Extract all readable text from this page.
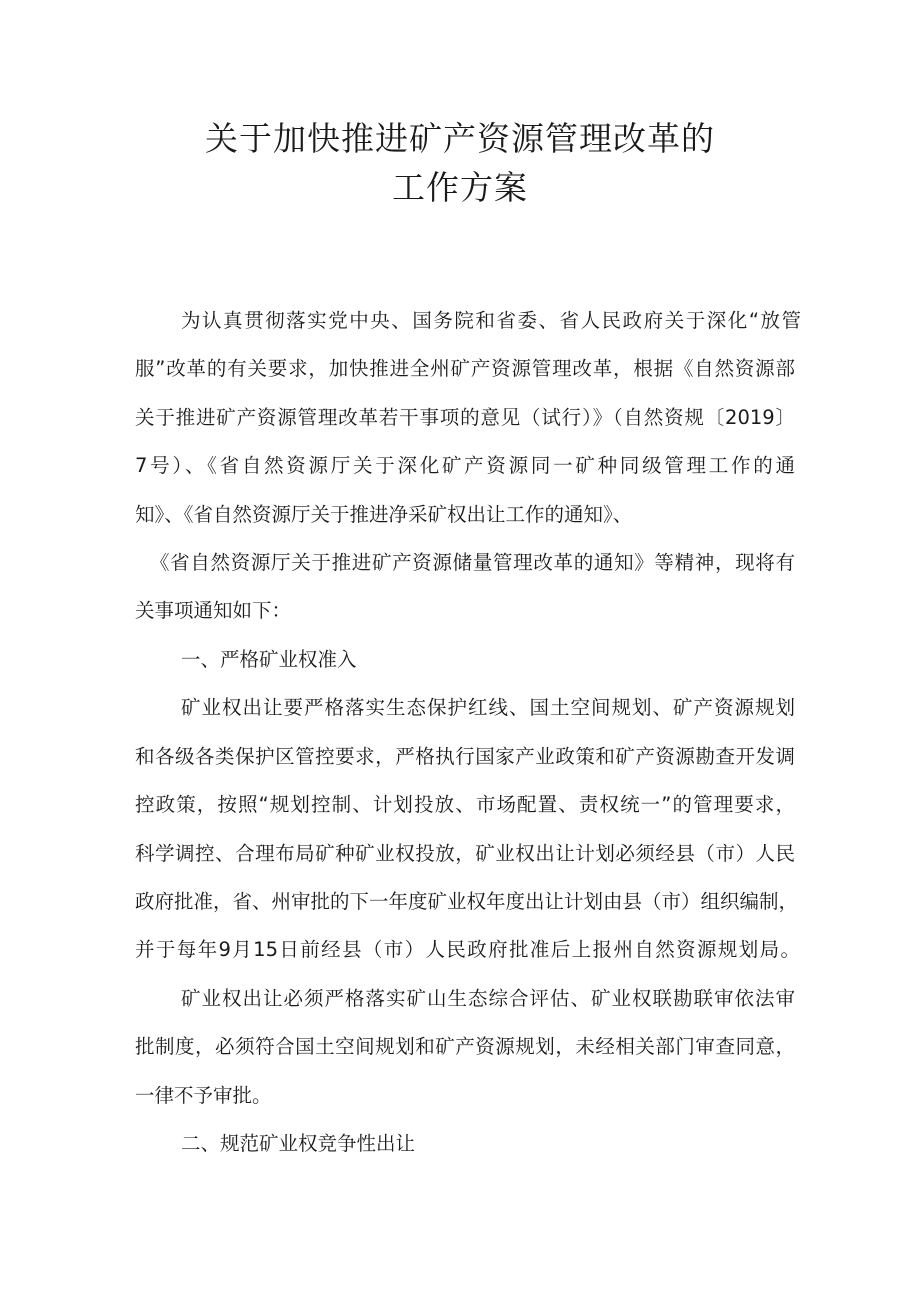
关于加快推进矿产资源管理改革的
工作方案
为认真贯彻落实党中央、国务院和省委、省人民政府关于深化“放管
服”改革的有关要求，加快推进全州矿产资源管理改革，根据《自然资源部
关于推进矿产资源管理改革若干事项的意见（试行）》（自然资规〔2019〕
7号）、《省自然资源厅关于深化矿产资源同一矿种同级管理工作的通
知》、《省自然资源厅关于推进净采矿权出让工作的通知》、
《省自然资源厅关于推进矿产资源储量管理改革的通知》等精神，现将有
关事项通知如下：
一、严格矿业权准入
矿业权出让要严格落实生态保护红线、国土空间规划、矿产资源规划
和各级各类保护区管控要求，严格执行国家产业政策和矿产资源勘查开发调
控政策，按照“规划控制、计划投放、市场配置、责权统一”的管理要求，
科学调控、合理布局矿种矿业权投放，矿业权出让计划必须经县（市）人民
政府批准，省、州审批的下一年度矿业权年度出让计划由县（市）组织编制，
并于每年9月15日前经县（市）人民政府批准后上报州自然资源规划局。
矿业权出让必须严格落实矿山生态综合评估、矿业权联勘联审依法审
批制度，必须符合国土空间规划和矿产资源规划，未经相关部门审查同意，
一律不予审批。
二、规范矿业权竞争性出让
